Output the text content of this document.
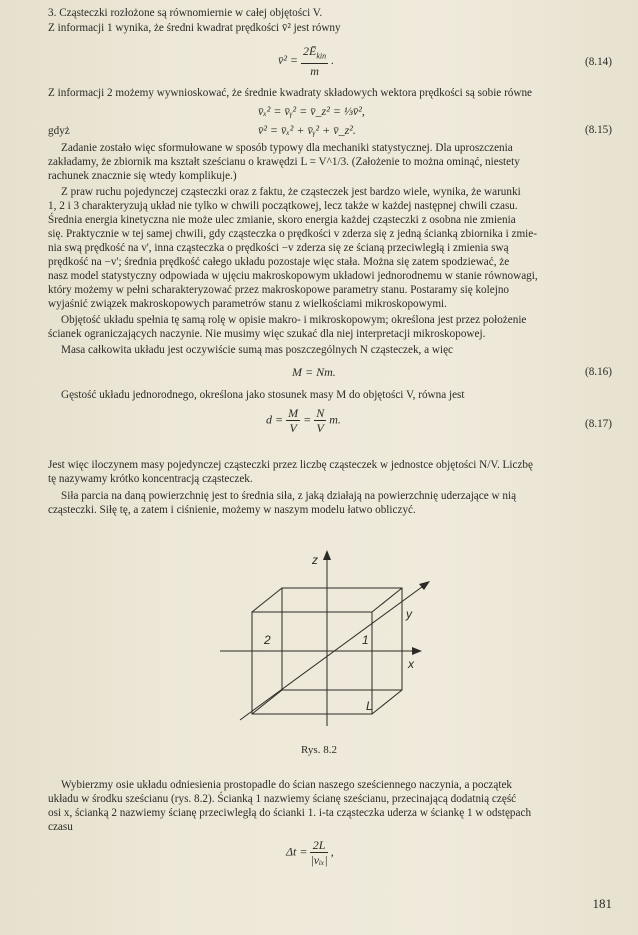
3. Cząsteczki rozłożone są równomiernie w całej objętości V.
Z informacji 1 wynika, że średni kwadrat prędkości v̄² jest równy
v̄² = $\frac{2Ē_{kin}}{m}$ .	(8.14)
Z informacji 2 możemy wywnioskować, że średnie kwadraty składowych wektora prędkości są sobie równe
v̄ₓ² = v̄ᵧ² = v̄_z² = ⅓v̄²,
gdyż	v̄² = v̄ₓ² + v̄ᵧ² + v̄_z².	(8.15)
Zadanie zostało więc sformułowane w sposób typowy dla mechaniki statystycznej. Dla uproszczenia
zakładamy, że zbiornik ma kształt sześcianu o krawędzi L = V^1/3. (Założenie to można ominąć, niestety
rachunek znacznie się wtedy komplikuje.)
Z praw ruchu pojedynczej cząsteczki oraz z faktu, że cząsteczek jest bardzo wiele, wynika, że warunki
1, 2 i 3 charakteryzują układ nie tylko w chwili początkowej, lecz także w każdej następnej chwili czasu.
Średnia energia kinetyczna nie może ulec zmianie, skoro energia każdej cząsteczki z osobna nie zmienia
się. Praktycznie w tej samej chwili, gdy cząsteczka o prędkości v zderza się z jedną ścianką zbiornika i zmie-
nia swą prędkość na v', inna cząsteczka o prędkości −v zderza się ze ścianą przeciwległą i zmienia swą
prędkość na −v'; średnia prędkość całego układu pozostaje więc stała. Można się zatem spodziewać, że
nasz model statystyczny odpowiada w ujęciu makroskopowym układowi jednorodnemu w stanie równowagi,
który możemy w pełni scharakteryzować przez makroskopowe parametry stanu. Postaramy się kolejno
wyjaśnić związek makroskopowych parametrów stanu z wielkościami mikroskopowymi.
Objętość układu spełnia tę samą rolę w opisie makro- i mikroskopowym; określona jest przez położenie
ścianek ograniczających naczynie. Nie musimy więc szukać dla niej interpretacji mikroskopowej.
Masa całkowita układu jest oczywiście sumą mas poszczególnych N cząsteczek, a więc
M = Nm.	(8.16)
Gęstość układu jednorodnego, określona jako stosunek masy M do objętości V, równa jest
$d = \frac{M}{V} = \frac{N}{V} m$.	(8.17)
Jest więc iloczynem masy pojedynczej cząsteczki przez liczbę cząsteczek w jednostce objętości N/V. Liczbę
tę nazywamy krótko koncentracją cząsteczek.
Siła parcia na daną powierzchnię jest to średnia siła, z jaką działają na powierzchnię uderzające w nią
cząsteczki. Siłę tę, a zatem i ciśnienie, możemy w naszym modelu łatwo obliczyć.
z
y
x
1
2
L
Rys. 8.2
Wybierzmy osie układu odniesienia prostopadle do ścian naszego sześciennego naczynia, a początek
układu w środku sześcianu (rys. 8.2). Ścianką 1 nazwiemy ścianę sześcianu, przecinającą dodatnią część
osi x, ścianką 2 nazwiemy ścianę przeciwległą do ścianki 1. i-ta cząsteczka uderza w ściankę 1 w odstępach
czasu
$\Delta t = \frac{2L}{\text{|vᵢₓ|}}$ ,
181
